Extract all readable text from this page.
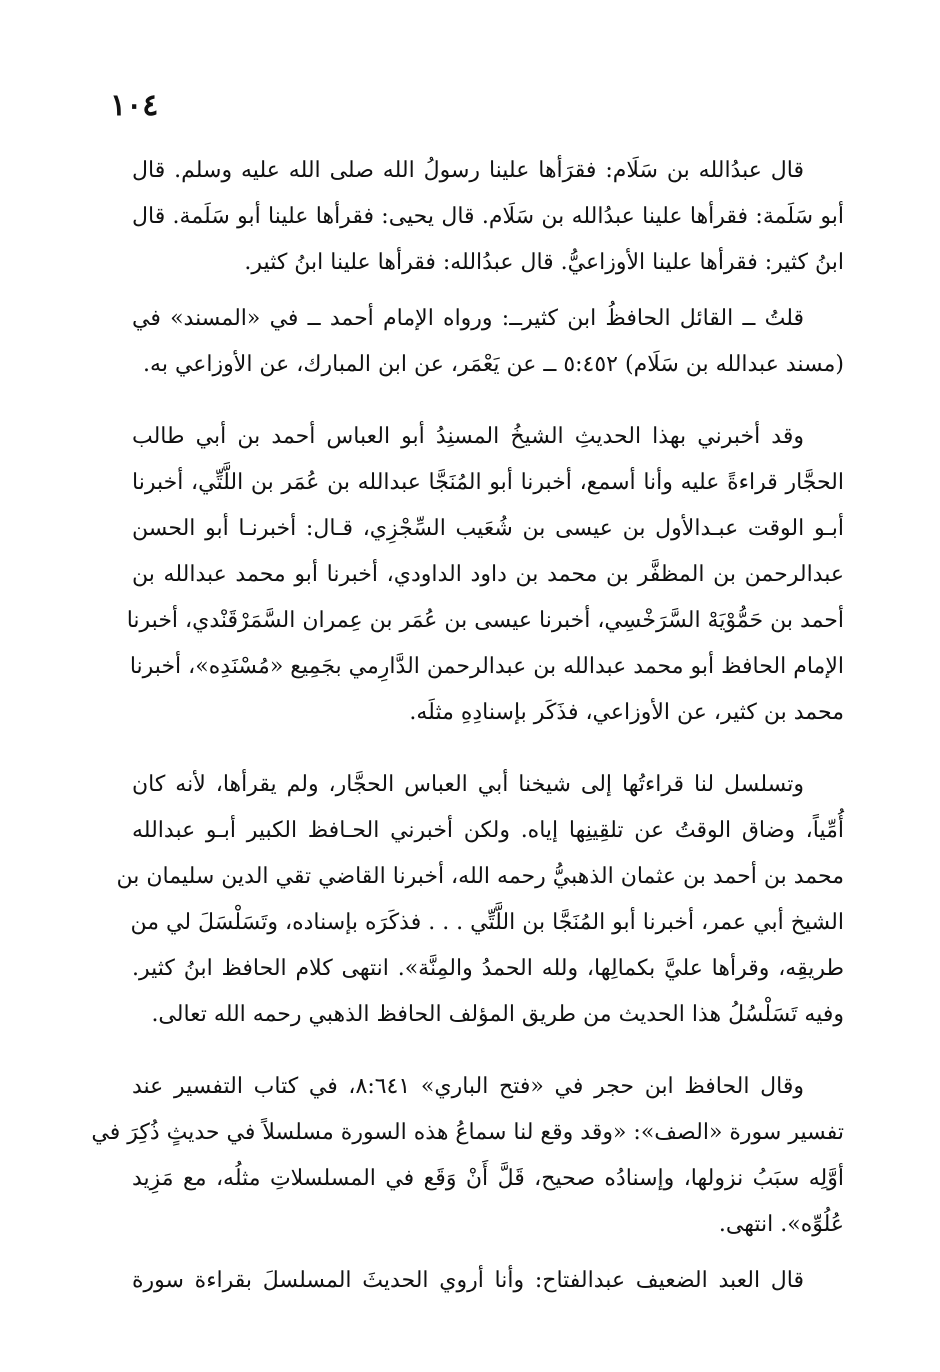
١٠٤

قال عبدُالله بن سَلَام: فقرَأها علينا رسولُ الله صلى الله عليه وسلم. قال
أبو سَلَمة: فقرأها علينا عبدُالله بن سَلَام. قال يحيى: فقرأها علينا أبو سَلَمة. قال
ابنُ كثير: فقرأها علينا الأوزاعيُّ. قال عبدُالله: فقرأها علينا ابنُ كثير.

قلتُ ــ القائل الحافظُ ابن كثيرــ: ورواه الإمام أحمد ــ في «المسند» في
(مسند عبدالله بن سَلَام) ٥:٤٥٢ ــ عن يَعْمَر، عن ابن المبارك، عن الأوزاعي به.

وقد أخبرني بهذا الحديثِ الشيخُ المسنِدُ أبو العباس أحمد بن أبي طالب
الحجَّار قراءةً عليه وأنا أسمع، أخبرنا أبو المُنَجَّا عبدالله بن عُمَر بن اللَّتِّي، أخبرنا
أبـو الوقت عبـدالأول بن عيسى بن شُعَيب السِّجْزِي، قـال: أخبرنـا أبو الحسن
عبدالرحمن بن المظفَّر بن محمد بن داود الداودي، أخبرنا أبو محمد عبدالله بن
أحمد بن حَمُّوْيَهْ السَّرَخْسِي، أخبرنا عيسى بن عُمَر بن عِمران السَّمَرْقَنْدي، أخبرنا
الإمام الحافظ أبو محمد عبدالله بن عبدالرحمن الدَّارِمي بجَمِيع «مُسْنَدِه»، أخبرنا
محمد بن كثير، عن الأوزاعي، فذَكَر بإسنادِهِ مثلَه.

وتسلسل لنا قراءتُها إلى شيخنا أبي العباس الحجَّار، ولم يقرأها، لأنه كان
أُمِّياً، وضاق الوقتُ عن تلقِينِها إياه. ولكن أخبرني الحـافظ الكبير أبـو عبدالله
محمد بن أحمد بن عثمان الذهبيُّ رحمه الله، أخبرنا القاضي تقي الدين سليمان بن
الشيخ أبي عمر، أخبرنا أبو المُنَجَّا بن اللَّتِّي . . . فذكَرَه بإسناده، وتَسَلْسَلَ لي من
طريقِه، وقرأها عليَّ بكمالِها، ولله الحمدُ والمِنَّة». انتهى كلام الحافظ ابنُ كثير.
وفيه تَسَلْسُلُ هذا الحديث من طريق المؤلف الحافظ الذهبي رحمه الله تعالى.

وقال الحافظ ابن حجر في «فتح الباري» ٨:٦٤١، في كتاب التفسير عند
تفسير سورة «الصف»: «وقد وقع لنا سماعُ هذه السورة مسلسلاً في حديثٍ ذُكِرَ في
أوَّلِه سبَبُ نزولها، وإسنادُه صحيح، قَلَّ أَنْ وَقَع في المسلسلاتِ مثلُه، مع مَزِيد
عُلُوِّه». انتهى.

قال العبد الضعيف عبدالفتاح: وأنا أروي الحديثَ المسلسلَ بقراءة سورة
